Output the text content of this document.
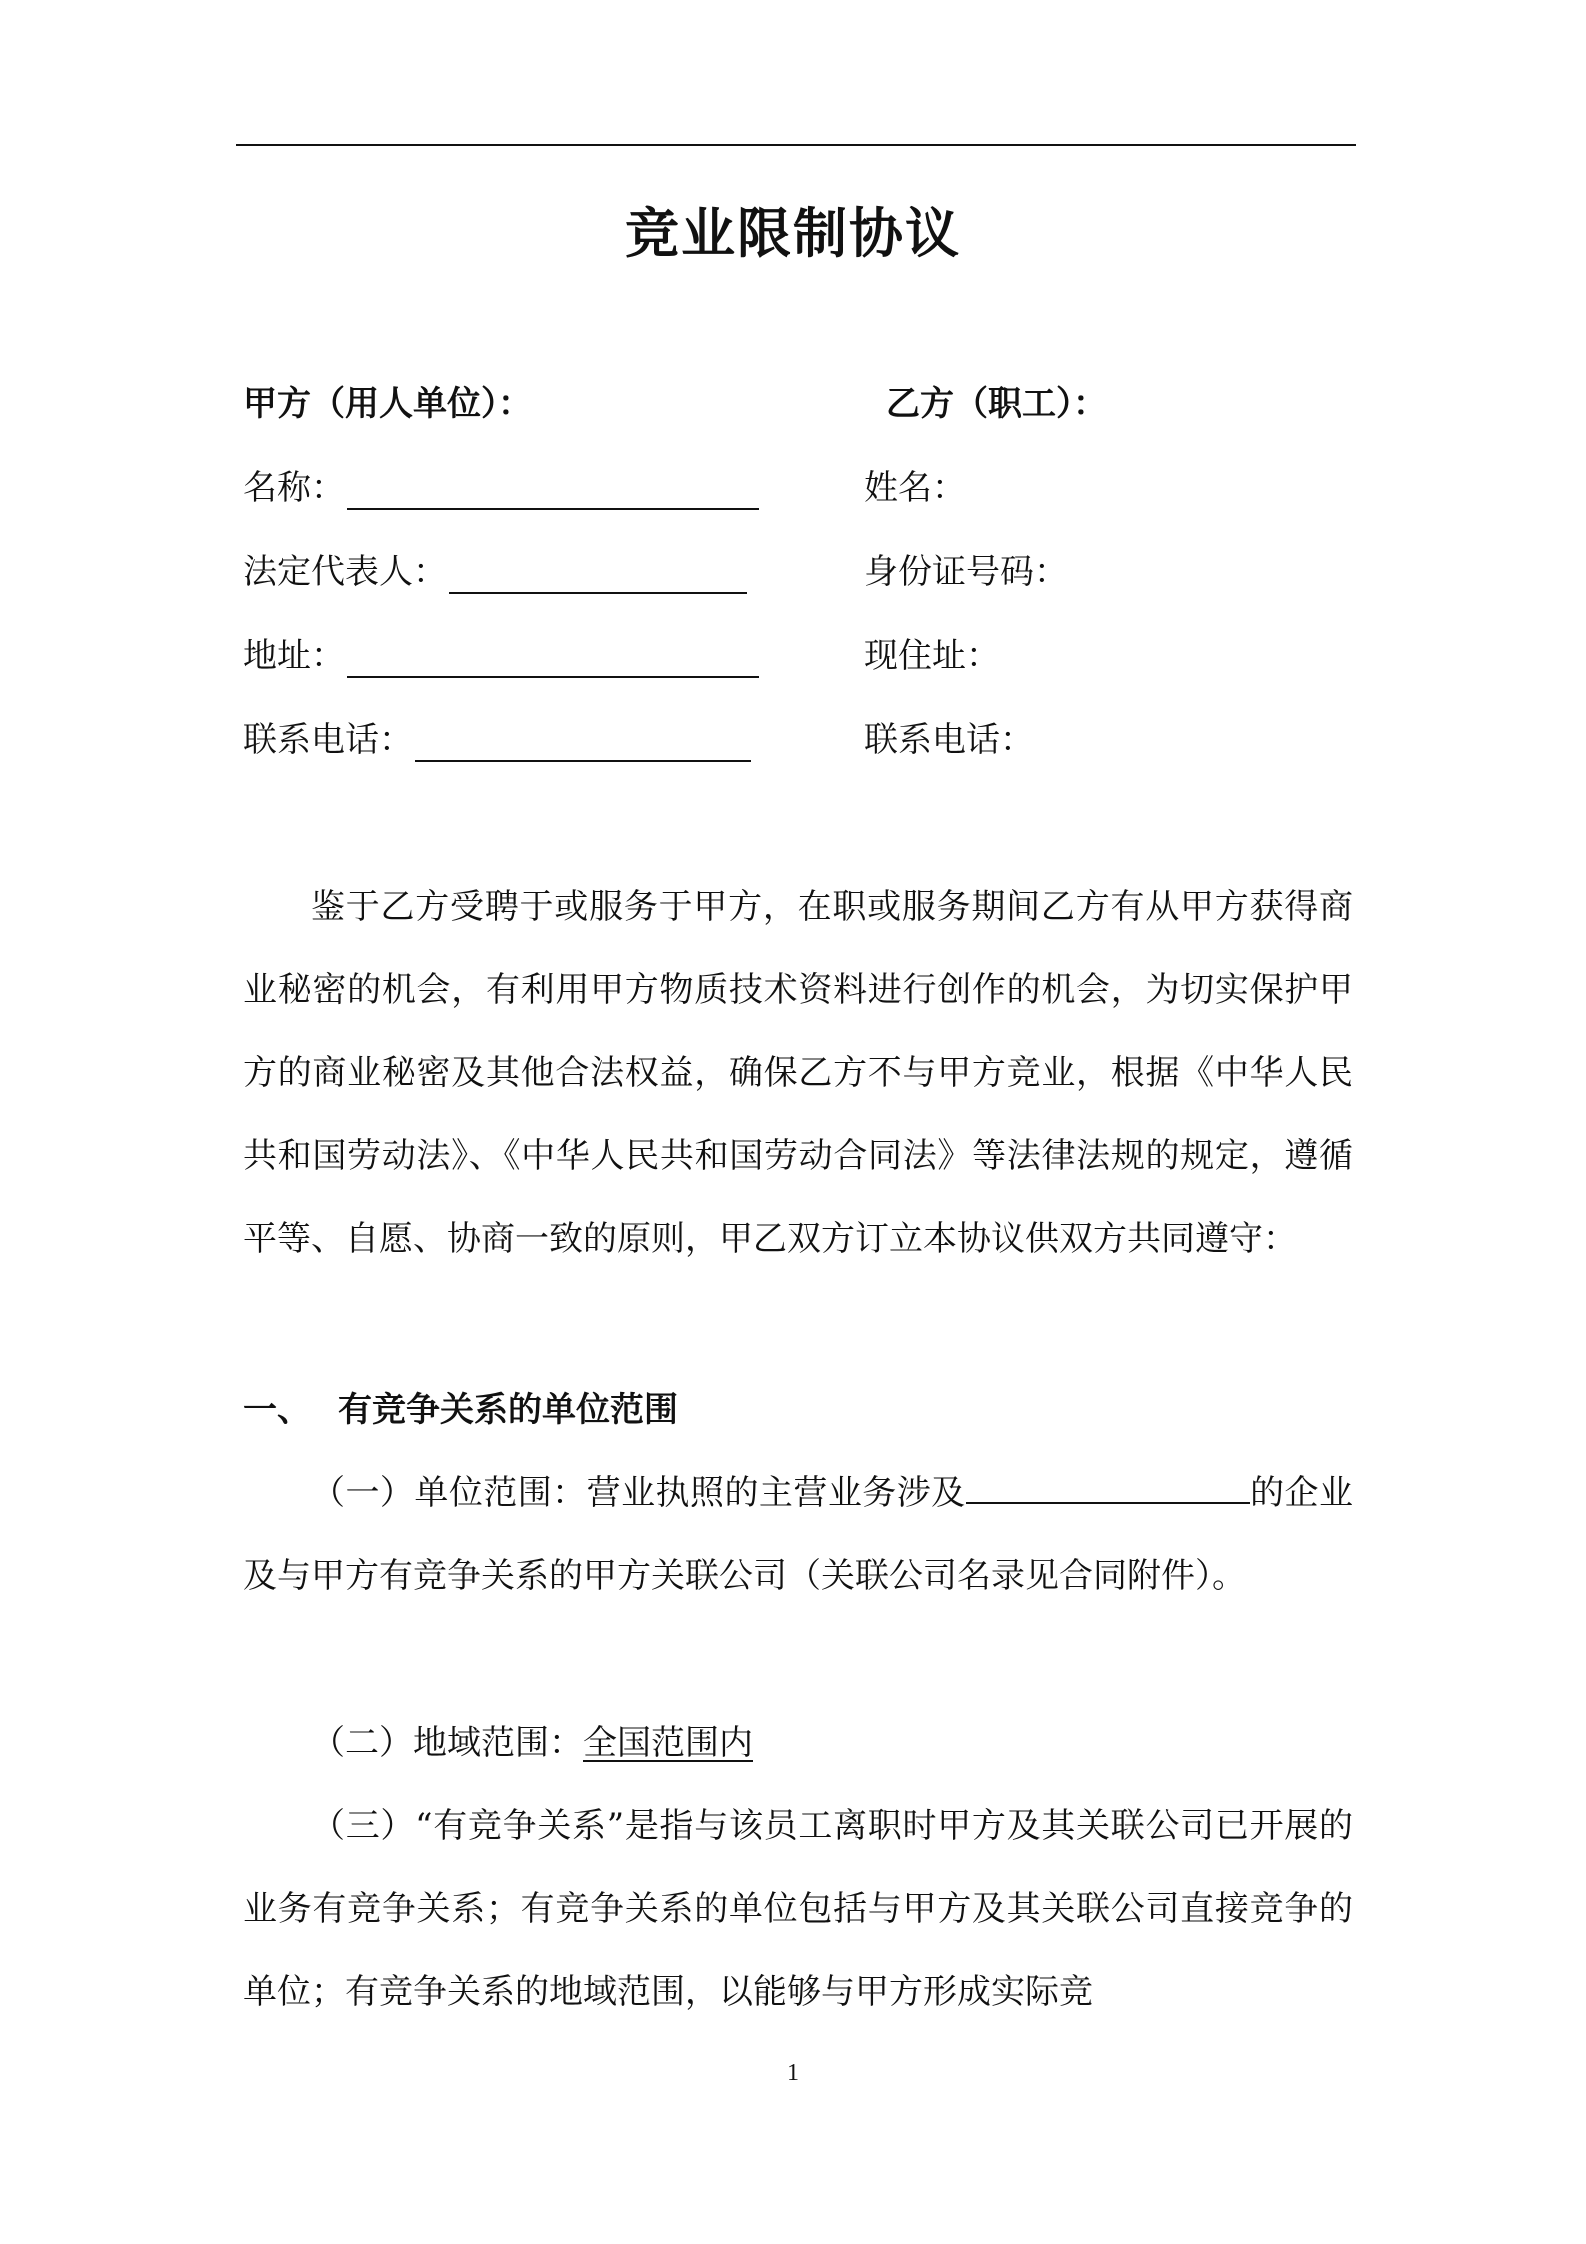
竞业限制协议
甲方（用人单位）：
名称：
法定代表人：
地址：
联系电话：
乙方（职工）：
姓名：
身份证号码：
现住址：
联系电话：
鉴于乙方受聘于或服务于甲方，在职或服务期间乙方有从甲方获得商业秘密的机会，有利用甲方物质技术资料进行创作的机会，为切实保护甲方的商业秘密及其他合法权益，确保乙方不与甲方竞业，根据《中华人民共和国劳动法》、《中华人民共和国劳动合同法》等法律法规的规定，遵循平等、自愿、协商一致的原则，甲乙双方订立本协议供双方共同遵守：
一、 有竞争关系的单位范围
（一）单位范围：营业执照的主营业务涉及	的企业及与甲方有竞争关系的甲方关联公司（关联公司名录见合同附件）。
（二）地域范围：全国范围内
（三）“有竞争关系”是指与该员工离职时甲方及其关联公司已开展的业务有竞争关系；有竞争关系的单位包括与甲方及其关联公司直接竞争的单位；有竞争关系的地域范围，以能够与甲方形成实际竞
1
